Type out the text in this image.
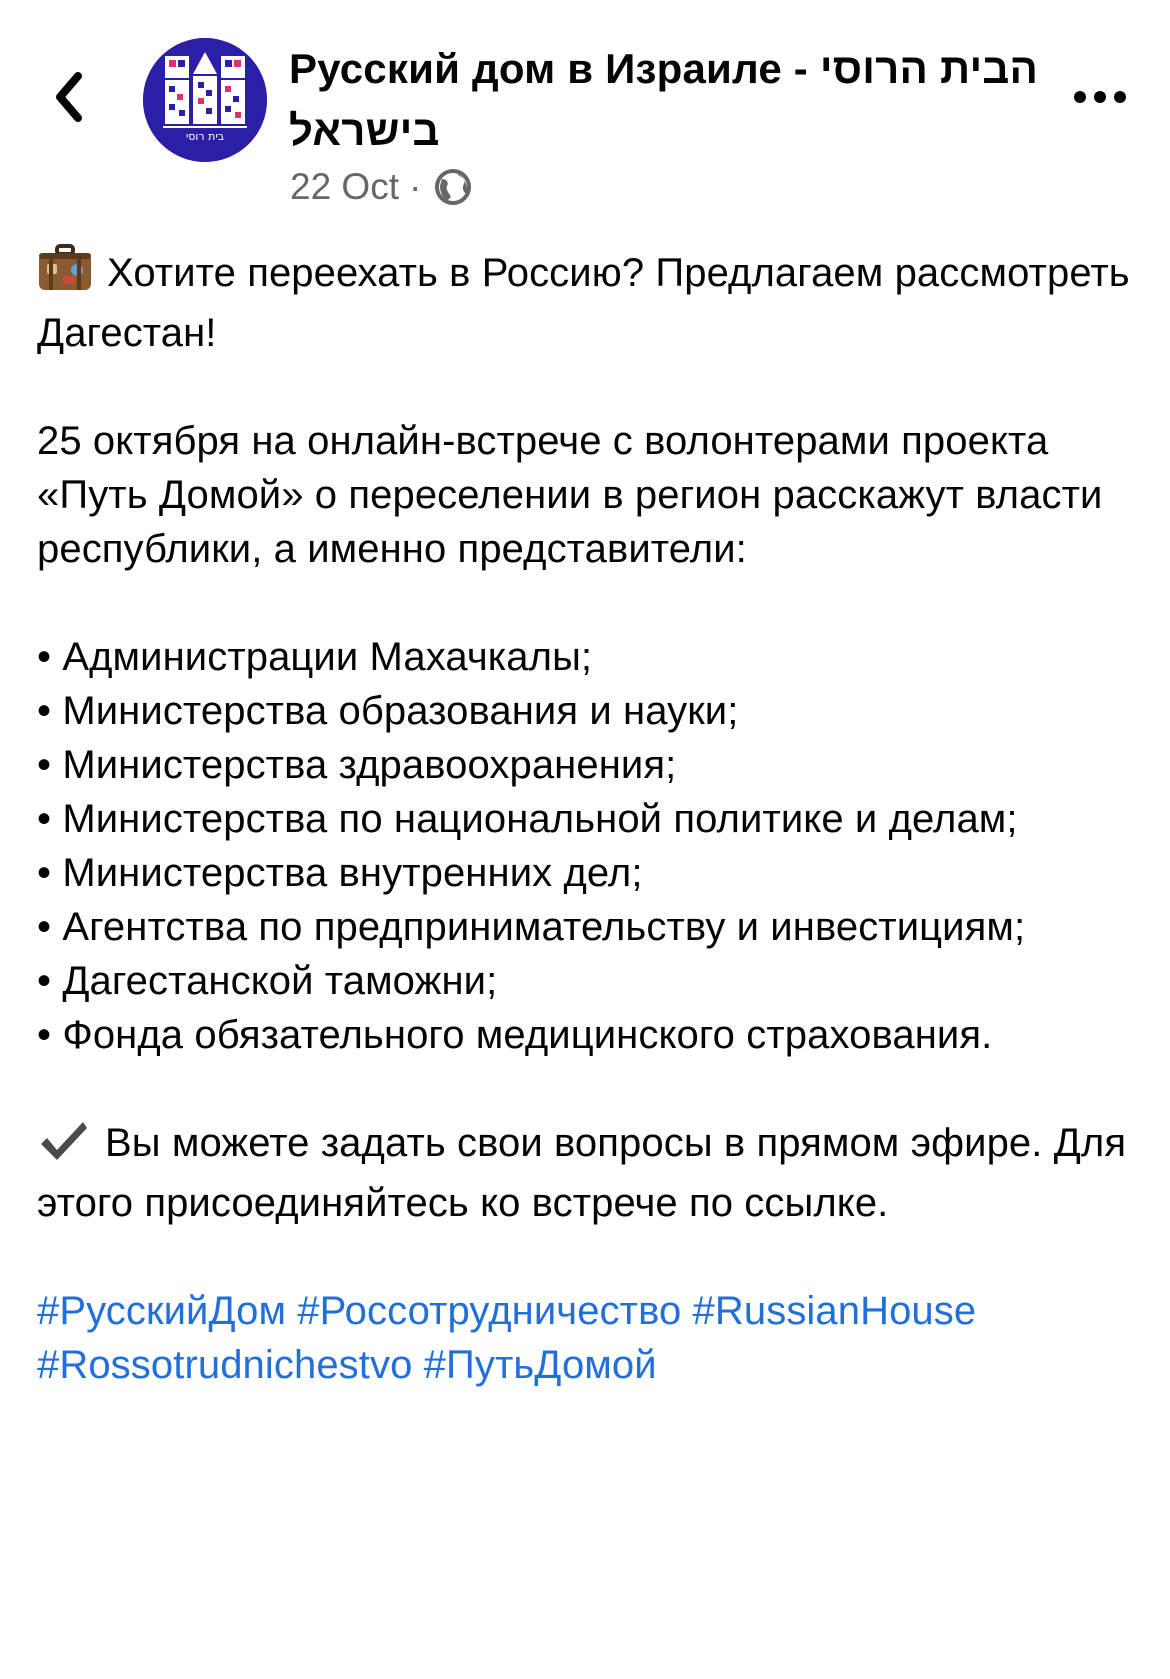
בית רוסי
Русский дом в Израиле - הבית הרוסי בישראל
22 Oct ·

Хотите переехать в Россию? Предлагаем рассмотреть Дагестан!

25 октября на онлайн-встрече с волонтерами проекта «Путь Домой» о переселении в регион расскажут власти республики, а именно представители:

• Администрации Махачкалы;

• Министерства образования и науки;

• Министерства здравоохранения;

• Министерства по национальной политике и делам;

• Министерства внутренних дел;

• Агентства по предпринимательству и инвестициям;

• Дагестанской таможни;

• Фонда обязательного медицинского страхования.

Вы можете задать свои вопросы в прямом эфире. Для этого присоединяйтесь ко встрече по ссылке.

#РусскийДом #Россотрудничество #RussianHouse #Rossotrudnichestvo #ПутьДомой
